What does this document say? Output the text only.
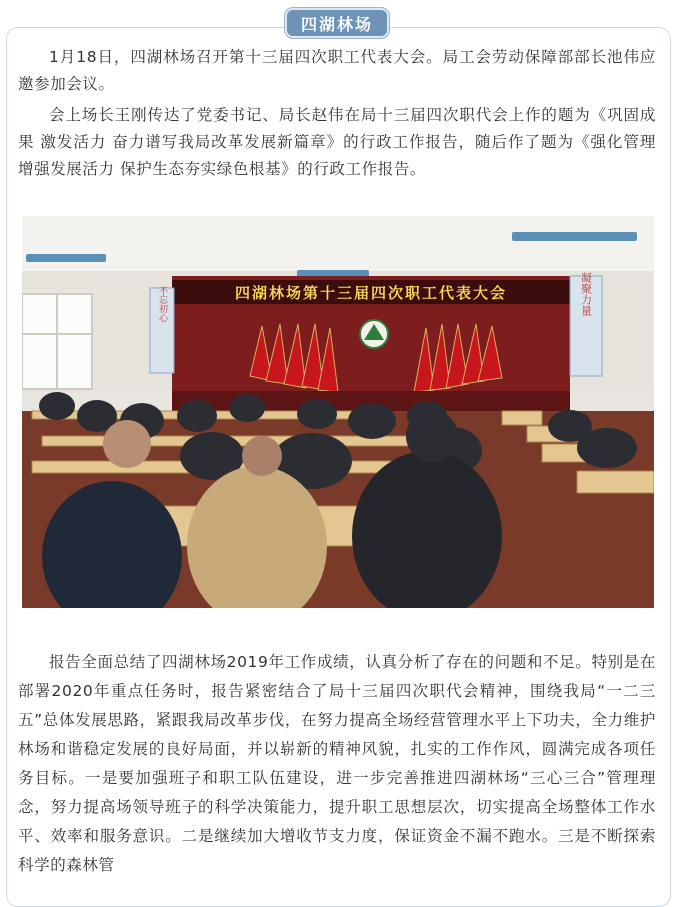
四湖林场

1月18日，四湖林场召开第十三届四次职工代表大会。局工会劳动保障部部长池伟应邀参加会议。

会上场长王刚传达了党委书记、局长赵伟在局十三届四次职代会上作的题为《巩固成果 激发活力 奋力谱写我局改革发展新篇章》的行政工作报告，随后作了题为《强化管理增强发展活力 保护生态夯实绿色根基》的行政工作报告。

四湖林场第十三届四次职工代表大会
不忘初心	凝聚力量

报告全面总结了四湖林场2019年工作成绩，认真分析了存在的问题和不足。特别是在部署2020年重点任务时，报告紧密结合了局十三届四次职代会精神，围绕我局“一二三五”总体发展思路，紧跟我局改革步伐，在努力提高全场经营管理水平上下功夫，全力维护林场和谐稳定发展的良好局面，并以崭新的精神风貌，扎实的工作作风，圆满完成各项任务目标。一是要加强班子和职工队伍建设，进一步完善推进四湖林场“三心三合”管理理念，努力提高场领导班子的科学决策能力，提升职工思想层次，切实提高全场整体工作水平、效率和服务意识。二是继续加大增收节支力度，保证资金不漏不跑水。三是不断探索科学的森林管
